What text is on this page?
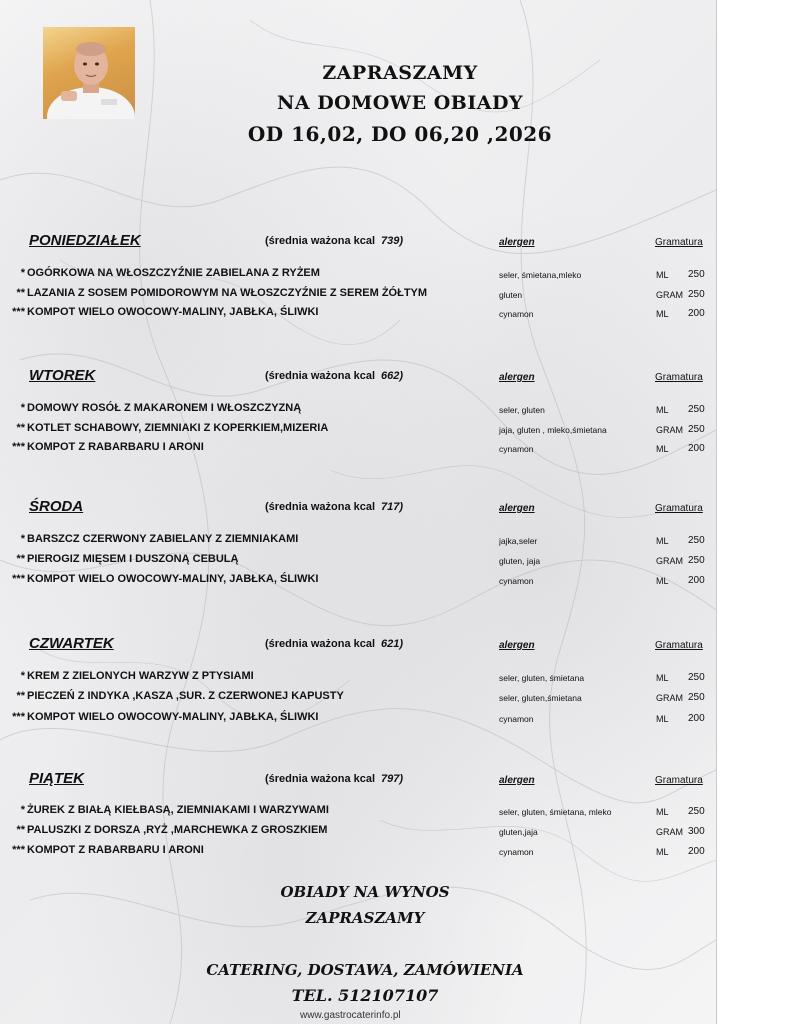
ZAPRASZAMY
NA DOMOWE OBIADY
OD 16,02, DO 06,20 ,2026
PONIEDZIAŁEK	(średnia ważona kcal 739)	alergen	Gramatura
* OGÓRKOWA NA WŁOSZCZYŹNIE ZABIELANA Z RYŻEM	seler, śmietana,mleko	ML 250
** LAZANIA Z SOSEM POMIDOROWYM NA WŁOSZCZYŹNIE Z SEREM ŻÓŁTYM	gluten	GRAM 250
*** KOMPOT WIELO OWOCOWY-MALINY, JABŁKA, ŚLIWKI	cynamon	ML 200
WTOREK	(średnia ważona kcal 662)	alergen	Gramatura
* DOMOWY ROSÓŁ Z MAKARONEM I WŁOSZCZYZNĄ	seler, gluten	ML 250
** KOTLET SCHABOWY, ZIEMNIAKI Z KOPERKIEM,MIZERIA	jaja, gluten , mleko,śmietana	GRAM 250
*** KOMPOT Z RABARBARU I ARONI	cynamon	ML 200
ŚRODA	(średnia ważona kcal 717)	alergen	Gramatura
* BARSZCZ CZERWONY ZABIELANY Z ZIEMNIAKAMI	jajka,seler	ML 250
** PIEROGIZ MIĘSEM I DUSZONĄ CEBULĄ	gluten, jaja	GRAM 250
*** KOMPOT WIELO OWOCOWY-MALINY, JABŁKA, ŚLIWKI	cynamon	ML 200
CZWARTEK	(średnia ważona kcal 621)	alergen	Gramatura
* KREM Z ZIELONYCH WARZYW Z PTYSIAMI	seler, gluten, śmietana	ML 250
** PIECZEŃ Z INDYKA ,KASZA ,SUR. Z CZERWONEJ KAPUSTY	seler, gluten,śmietana	GRAM 250
*** KOMPOT WIELO OWOCOWY-MALINY, JABŁKA, ŚLIWKI	cynamon	ML 200
PIĄTEK	(średnia ważona kcal 797)	alergen	Gramatura
* ŻUREK Z BIAŁĄ KIEŁBASĄ, ZIEMNIAKAMI I WARZYWAMI	seler, gluten, śmietana, mleko	ML 250
** PALUSZKI Z DORSZA ,RYŻ ,MARCHEWKA Z GROSZKIEM	gluten,jaja	GRAM 300
*** KOMPOT Z RABARBARU I ARONI	cynamon	ML 200
OBIADY NA WYNOS
ZAPRASZAMY
CATERING, DOSTAWA, ZAMÓWIENIA
TEL. 512107107
www.gastrocaterinfo.pl
